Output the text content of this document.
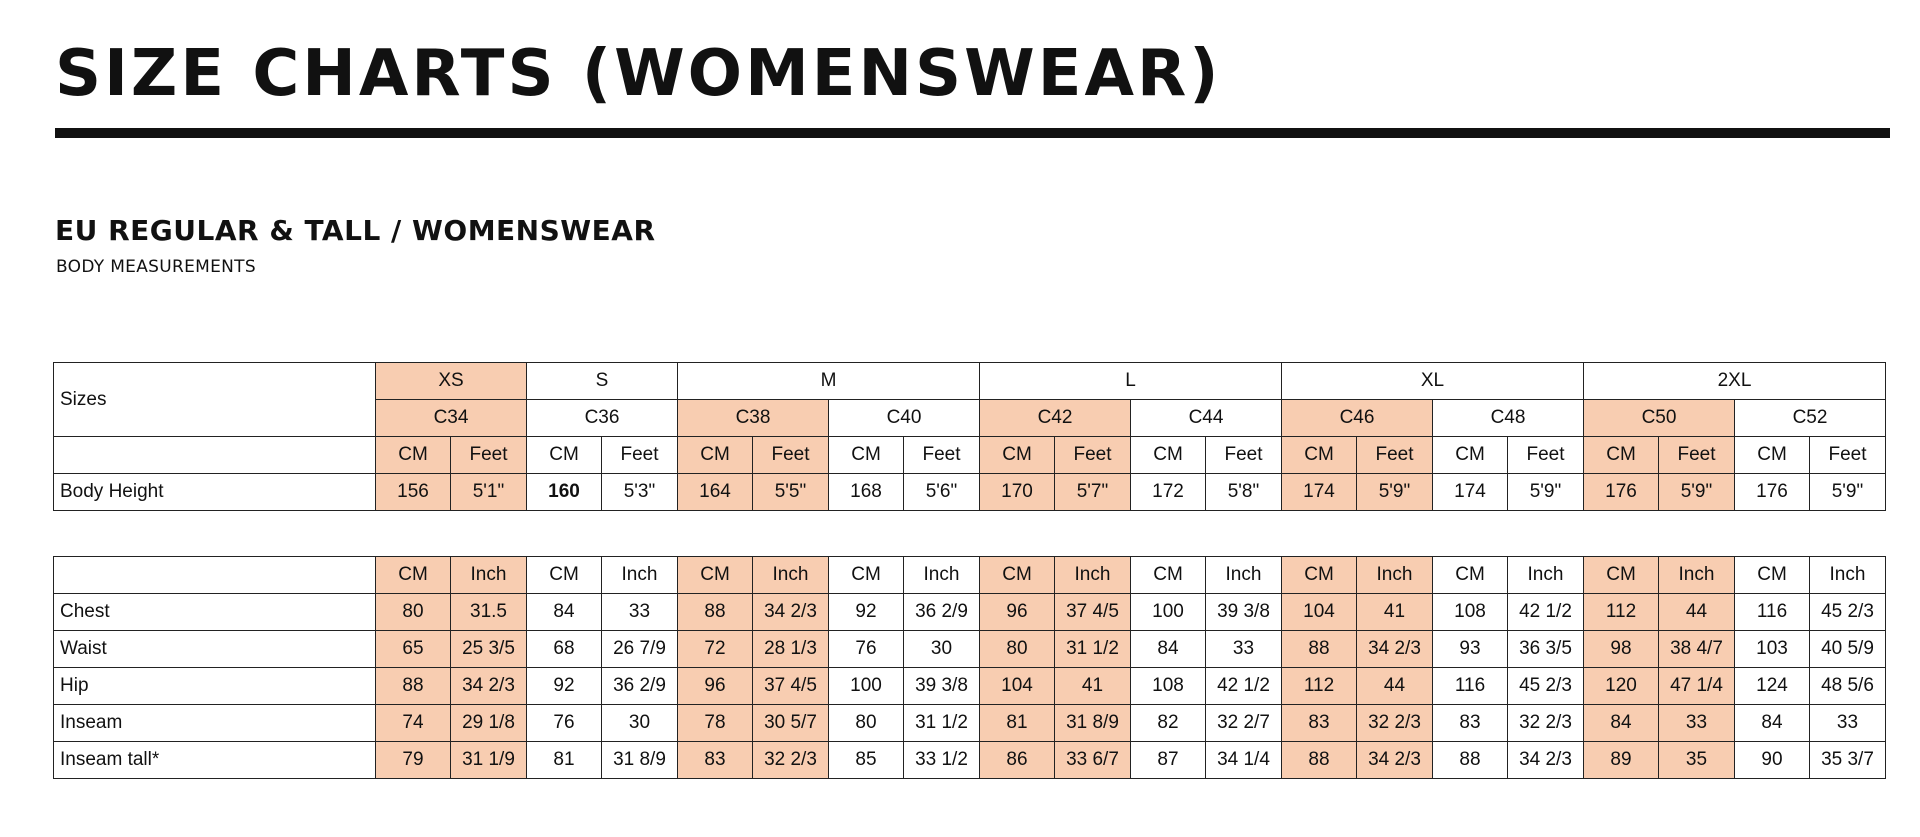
SIZE CHARTS (WOMENSWEAR)
EU REGULAR & TALL / WOMENSWEAR
BODY MEASUREMENTS
Sizes	XS		S		M				L				XL				2XL			
	C34		C36		C38		C40		C42		C44		C46		C48		C50		C52	
	CM	Feet	CM	Feet	CM	Feet	CM	Feet	CM	Feet	CM	Feet	CM	Feet	CM	Feet	CM	Feet	CM	Feet
Body Height	156	5'1"	160	5'3"	164	5'5"	168	5'6"	170	5'7"	172	5'8"	174	5'9"	174	5'9"	176	5'9"	176	5'9"
	CM	Inch	CM	Inch	CM	Inch	CM	Inch	CM	Inch	CM	Inch	CM	Inch	CM	Inch	CM	Inch	CM	Inch
Chest	80	31.5	84	33	88	34 2/3	92	36 2/9	96	37 4/5	100	39 3/8	104	41	108	42 1/2	112	44	116	45 2/3
Waist	65	25 3/5	68	26 7/9	72	28 1/3	76	30	80	31 1/2	84	33	88	34 2/3	93	36 3/5	98	38 4/7	103	40 5/9
Hip	88	34 2/3	92	36 2/9	96	37 4/5	100	39 3/8	104	41	108	42 1/2	112	44	116	45 2/3	120	47 1/4	124	48 5/6
Inseam	74	29 1/8	76	30	78	30 5/7	80	31 1/2	81	31 8/9	82	32 2/7	83	32 2/3	83	32 2/3	84	33	84	33
Inseam tall*	79	31 1/9	81	31 8/9	83	32 2/3	85	33 1/2	86	33 6/7	87	34 1/4	88	34 2/3	88	34 2/3	89	35	90	35 3/7
